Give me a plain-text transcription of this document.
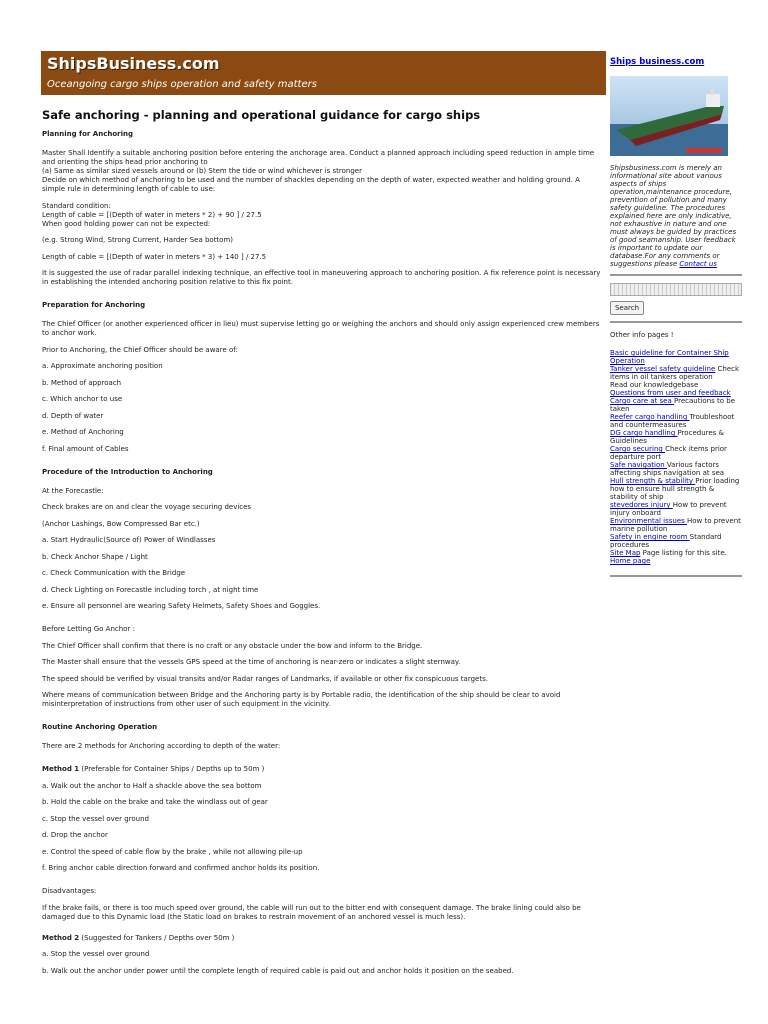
ShipsBusiness.com
Oceangoing cargo ships operation and safety matters
Safe anchoring - planning and operational guidance for cargo ships
Planning for Anchoring
Master Shall Identify a suitable anchoring position before entering the anchorage area. Conduct a planned approach including speed reduction in ample time and orienting the ships head prior anchoring to
(a) Same as similar sized vessels around or (b) Stem the tide or wind whichever is stronger
Decide on which method of anchoring to be used and the number of shackles depending on the depth of water, expected weather and holding ground. A simple rule in determining length of cable to use:
Standard condition:
Length of cable = [(Depth of water in meters * 2) + 90 ] / 27.5
When good holding power can not be expected:

(e.g. Strong Wind, Strong Current, Harder Sea bottom)

Length of cable = [(Depth of water in meters * 3) + 140 ] / 27.5

It is suggested the use of radar parallel indexing technique, an effective tool in maneuvering approach to anchoring position. A fix reference point is necessary in establishing the intended anchoring position relative to this fix point.

Preparation for Anchoring

The Chief Officer (or another experienced officer in lieu) must supervise letting go or weighing the anchors and should only assign experienced crew members to anchor work.

Prior to Anchoring, the Chief Officer should be aware of:

a. Approximate anchoring position

b. Method of approach

c. Which anchor to use

d. Depth of water

e. Method of Anchoring

f. Final amount of Cables

Procedure of the Introduction to Anchoring

At the Forecastle:

Check brakes are on and clear the voyage securing devices

(Anchor Lashings, Bow Compressed Bar etc.)

a. Start Hydraulic(Source of) Power of Windlasses

b. Check Anchor Shape / Light

c. Check Communication with the Bridge

d. Check Lighting on Forecastle including torch , at night time

e. Ensure all personnel are wearing Safety Helmets, Safety Shoes and Goggles.

Before Letting Go Anchor :

The Chief Officer shall confirm that there is no craft or any obstacle under the bow and inform to the Bridge.

The Master shall ensure that the vessels GPS speed at the time of anchoring is near-zero or indicates a slight sternway.

The speed should be verified by visual transits and/or Radar ranges of Landmarks, if available or other fix conspicuous targets.

Where means of communication between Bridge and the Anchoring party is by Portable radio, the identification of the ship should be clear to avoid misinterpretation of instructions from other user of such equipment in the vicinity.

Routine Anchoring Operation

There are 2 methods for Anchoring according to depth of the water:

Method 1 (Preferable for Container Ships / Depths up to 50m )

a. Walk out the anchor to Half a shackle above the sea bottom

b. Hold the cable on the brake and take the windlass out of gear

c. Stop the vessel over ground

d. Drop the anchor

e. Control the speed of cable flow by the brake , while not allowing pile-up

f. Bring anchor cable direction forward and confirmed anchor holds its position.

Disadvantages:

If the brake fails, or there is too much speed over ground, the cable will run out to the bitter end with consequent damage. The brake lining could also be damaged due to this Dynamic load (the Static load on brakes to restrain movement of an anchored vessel is much less).

Method 2 (Suggested for Tankers / Depths over 50m )

a. Stop the vessel over ground

b. Walk out the anchor under power until the complete length of required cable is paid out and anchor holds it position on the seabed.

Ships business.com

Shipsbusiness.com is merely an informational site about various aspects of ships operation,maintenance procedure, prevention of pollution and many safety guideline. The procedures explained here are only indicative, not exhaustive in nature and one must always be guided by practices of good seamanship. User feedback is important to update our database.For any comments or suggestions please Contact us

Search

Other info pages !

Basic guideline for Container Ship Operation
Tanker vessel safety guideline Check items in oil tankers operation
Read our knowledgebase
Questions from user and feedback
Cargo care at sea Precautions to be taken
Reefer cargo handling Troubleshoot and countermeasures
DG cargo handling Procedures & Guidelines
Cargo securing Check items prior departure port
Safe navigation Various factors affecting ships navigation at sea
Hull strength & stability Prior loading how to ensure hull strength & stability of ship
stevedores injury How to prevent injury onboard
Environmental issues How to prevent marine pollution
Safety in engine room Standard procedures
Site Map Page listing for this site.
Home page
